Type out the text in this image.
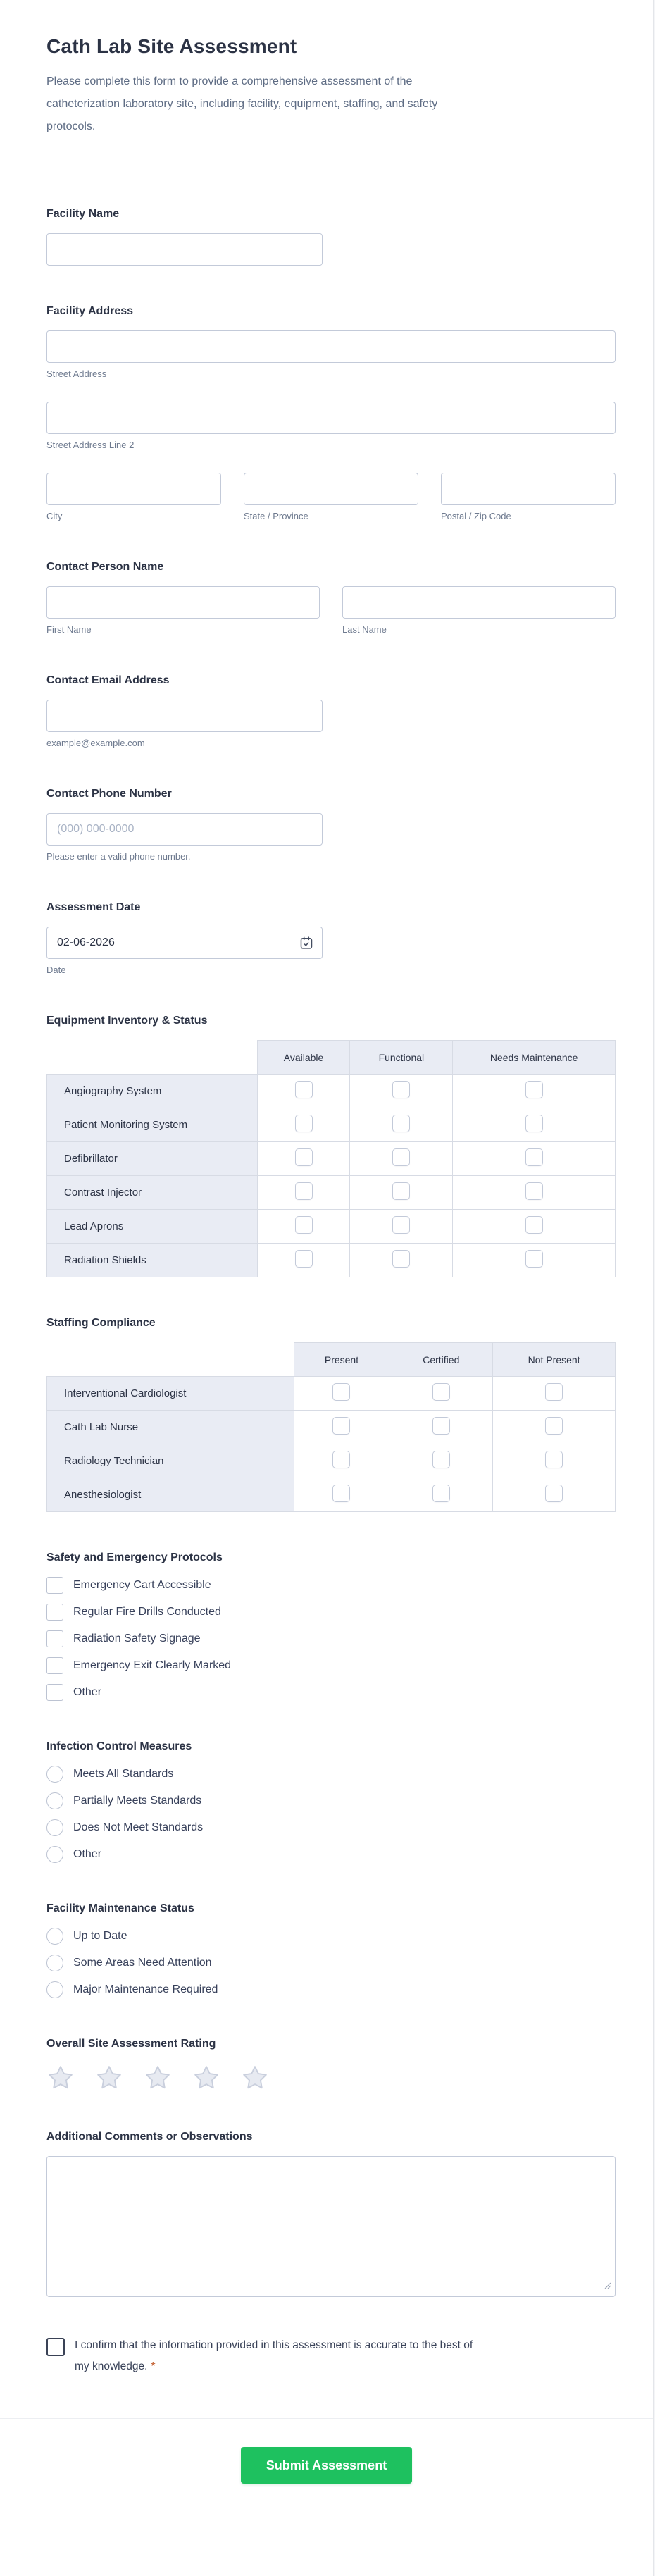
Cath Lab Site Assessment

Please complete this form to provide a comprehensive assessment of the catheterization laboratory site, including facility, equipment, staffing, and safety protocols.

Facility Name
Facility Address
Street Address
Street Address Line 2
City	State / Province	Postal / Zip Code
Contact Person Name
First Name	Last Name
Contact Email Address
example@example.com
Contact Phone Number
(000) 000-0000
Please enter a valid phone number.
Assessment Date
02-06-2026
Date
Equipment Inventory & Status
	Available	Functional	Needs Maintenance
Angiography System			
Patient Monitoring System			
Defibrillator			
Contrast Injector			
Lead Aprons			
Radiation Shields			
Staffing Compliance
	Present	Certified	Not Present
Interventional Cardiologist			
Cath Lab Nurse			
Radiology Technician			
Anesthesiologist			
Safety and Emergency Protocols
Emergency Cart Accessible
Regular Fire Drills Conducted
Radiation Safety Signage
Emergency Exit Clearly Marked
Other
Infection Control Measures
Meets All Standards
Partially Meets Standards
Does Not Meet Standards
Other
Facility Maintenance Status
Up to Date
Some Areas Need Attention
Major Maintenance Required
Overall Site Assessment Rating
Additional Comments or Observations
I confirm that the information provided in this assessment is accurate to the best of my knowledge. *
Submit Assessment
